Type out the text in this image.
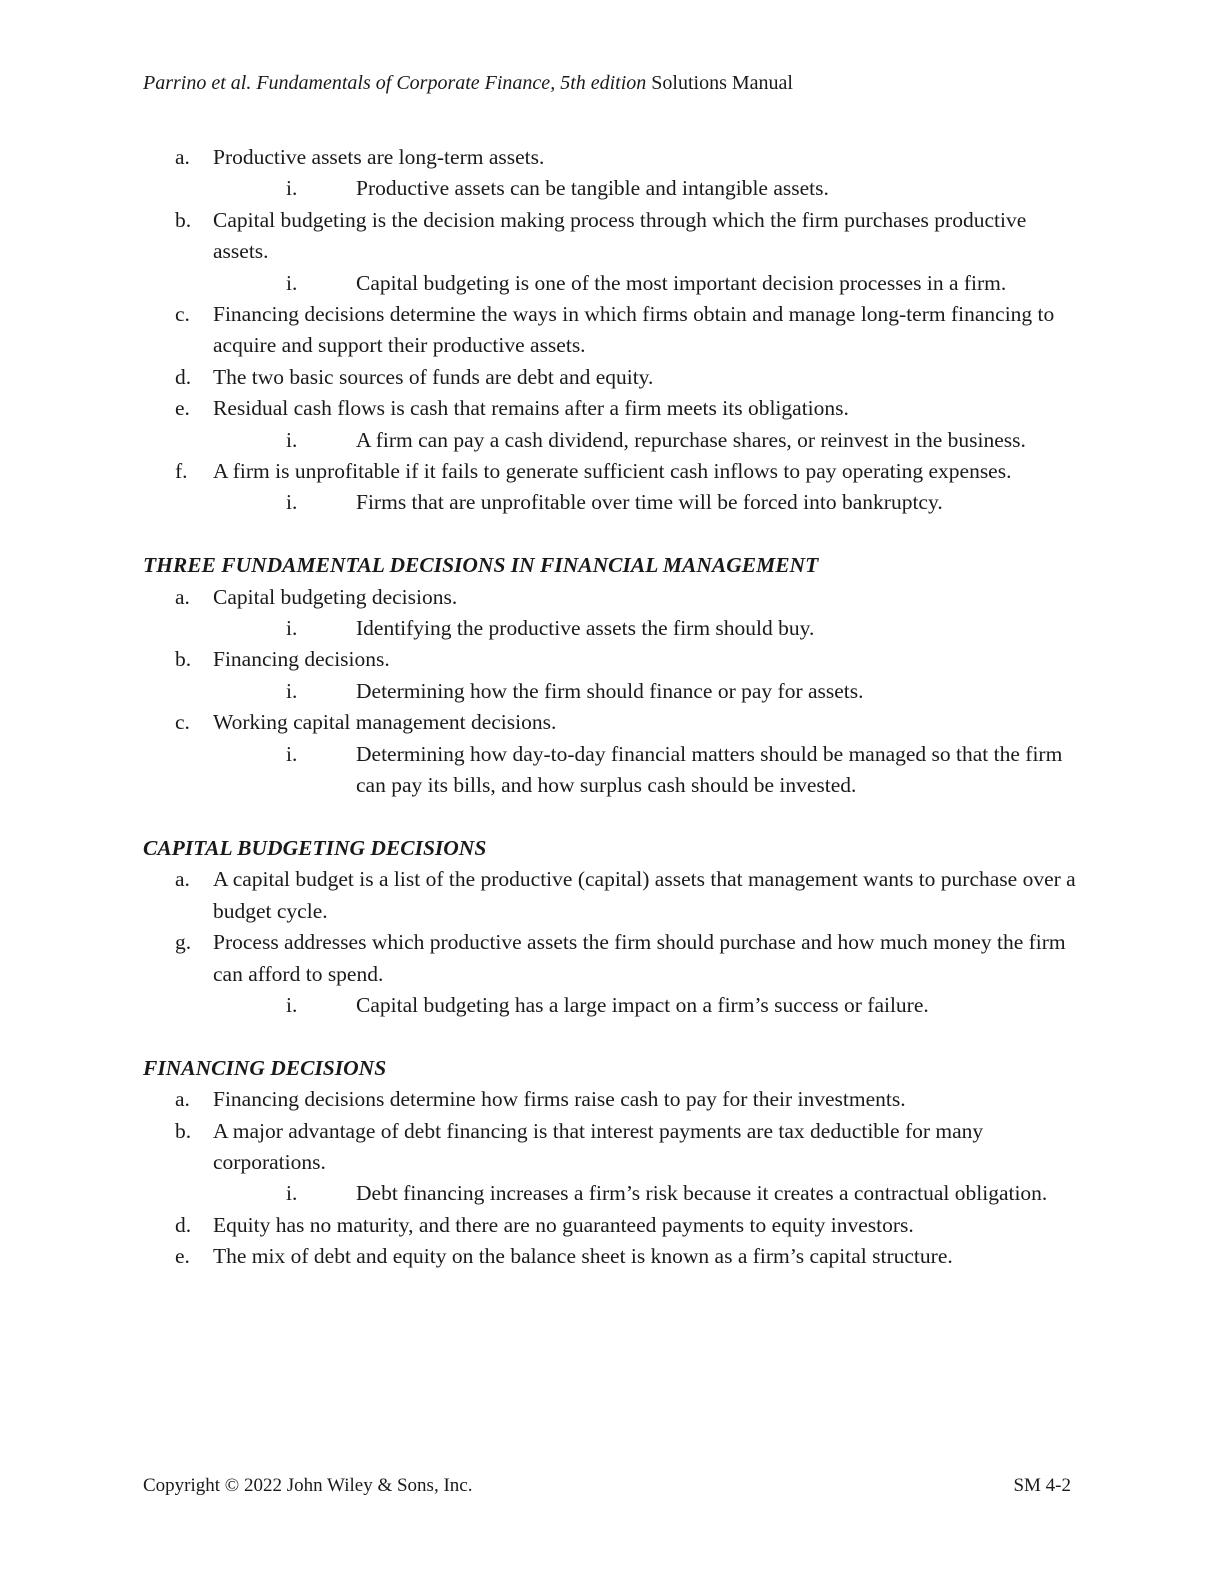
Parrino et al. Fundamentals of Corporate Finance, 5th edition Solutions Manual
a.	Productive assets are long-term assets.
i.	Productive assets can be tangible and intangible assets.
b.	Capital budgeting is the decision making process through which the firm purchases productive assets.
i.	Capital budgeting is one of the most important decision processes in a firm.
c.	Financing decisions determine the ways in which firms obtain and manage long-term financing to acquire and support their productive assets.
d.	The two basic sources of funds are debt and equity.
e.	Residual cash flows is cash that remains after a firm meets its obligations.
i.	A firm can pay a cash dividend, repurchase shares, or reinvest in the business.
f.	A firm is unprofitable if it fails to generate sufficient cash inflows to pay operating expenses.
i.	Firms that are unprofitable over time will be forced into bankruptcy.
THREE FUNDAMENTAL DECISIONS IN FINANCIAL MANAGEMENT
a.	Capital budgeting decisions.
i.	Identifying the productive assets the firm should buy.
b.	Financing decisions.
i.	Determining how the firm should finance or pay for assets.
c.	Working capital management decisions.
i.	Determining how day-to-day financial matters should be managed so that the firm can pay its bills, and how surplus cash should be invested.
CAPITAL BUDGETING DECISIONS
a.	A capital budget is a list of the productive (capital) assets that management wants to purchase over a budget cycle.
g.	Process addresses which productive assets the firm should purchase and how much money the firm can afford to spend.
i.	Capital budgeting has a large impact on a firm’s success or failure.
FINANCING DECISIONS
a.	Financing decisions determine how firms raise cash to pay for their investments.
b.	A major advantage of debt financing is that interest payments are tax deductible for many corporations.
i.	Debt financing increases a firm’s risk because it creates a contractual obligation.
d.	Equity has no maturity, and there are no guaranteed payments to equity investors.
e.	The mix of debt and equity on the balance sheet is known as a firm’s capital structure.
Copyright © 2022 John Wiley & Sons, Inc.	SM 4-2
